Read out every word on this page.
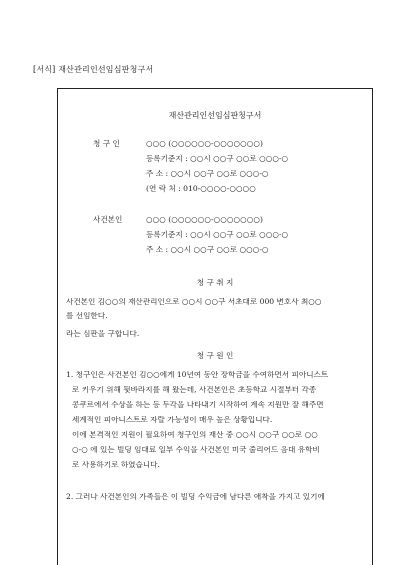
[서식] 재산관리인선임심판청구서
재산관리인선임심판청구서
청 구 인	○○○ (○○○○○○-○○○○○○○)
등록기준지 : ○○시 ○○구 ○○로 ○○○-○
주 소 : ○○시 ○○구 ○○로 ○○○-○
(연 락 처 : 010-○○○○-○○○○
사건본인	○○○ (○○○○○○-○○○○○○○)
등록기준지 : ○○시 ○○구 ○○로 ○○○-○
주 소 : ○○시 ○○구 ○○로 ○○○-○
청 구 취 지
사건본인 김○○의 재산관리인으로 ○○시 ○○구 서초대로 000 변호사 최○○
를 선임한다.
라는 심판을 구합니다.
청 구 원 인
1. 청구인은 사건본인 김○○에게 10년여 동안 장학금을 수여하면서 피아니스트
로 키우기 위해 뒷바라지를 해 왔는데, 사건본인은 초등학교 시절부터 각종
콩쿠르에서 수상을 하는 등 두각을 나타내기 시작하여 계속 지원만 잘 해주면
세계적인 피아니스트로 자랄 가능성이 매우 높은 상황입니다.
이에 본격적인 지원이 필요하여 청구인의 재산 중 ○○시 ○○구 ○○로 ○○
○-○ 에 있는 빌딩 임대료 일부 수익을 사건본인 미국 줄리어드 음대 유학비
로 사용하기로 하였습니다.
2. 그러나 사건본인의 가족들은 이 빌딩 수익금에 남다른 애착을 가지고 있기에
